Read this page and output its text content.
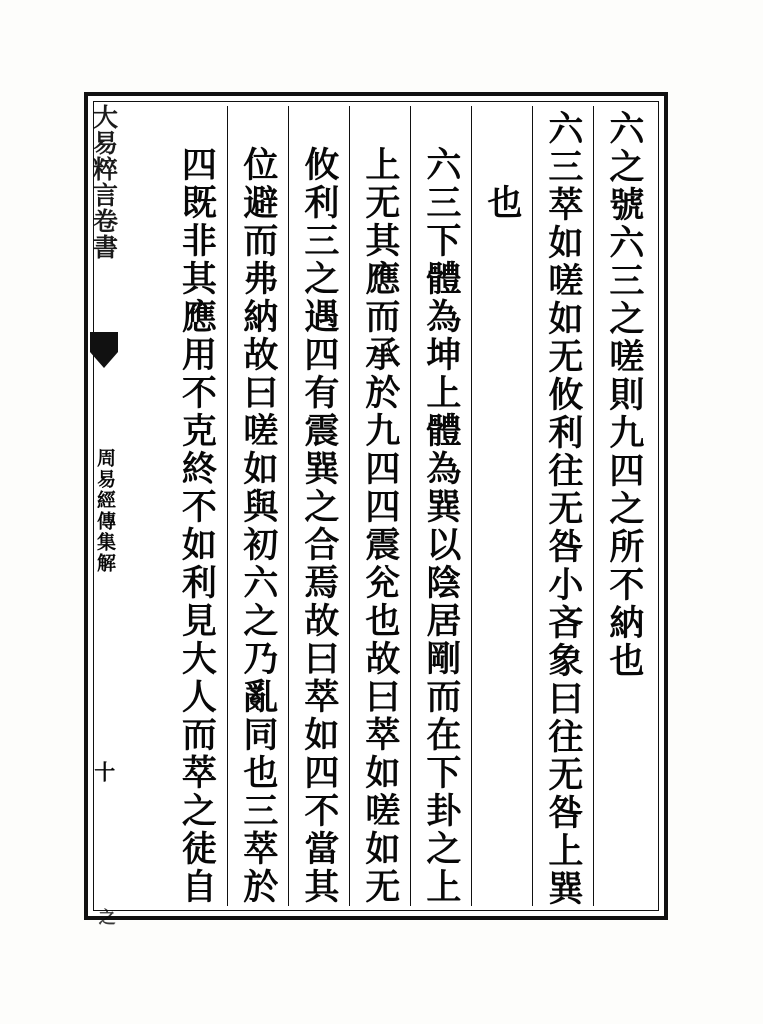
六之號六三之嗟則九四之所不納也
六三萃如嗟如无攸利往无咎小吝象曰往无咎上巽
也
六三下體為坤上體為巽以陰居剛而在下卦之上
上无其應而承於九四四震兊也故曰萃如嗟如无
攸利三之遇四有震巽之合焉故曰萃如四不當其
位避而弗納故曰嗟如與初六之乃亂同也三萃於
四既非其應用不克終不如利見大人而萃之徒自
大易粹言卷書
周易經傳集解
十
之
